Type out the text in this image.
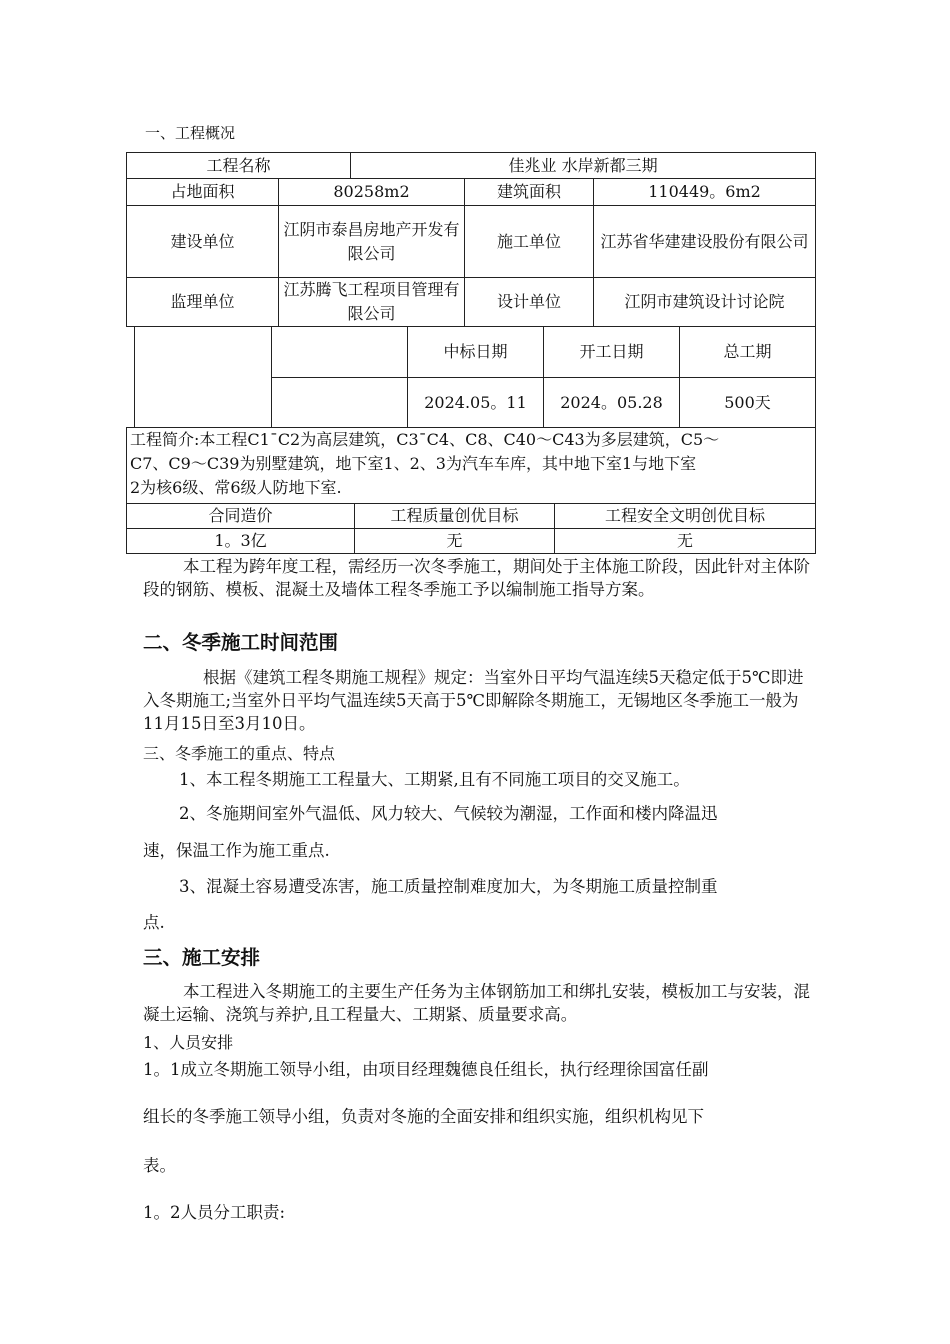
一、工程概况
工程名称		佳兆业 水岸新都三期		
占地面积	80258m2		建筑面积	110449。6m2
建设单位	江阴市泰昌房地产开发有限公司		施工单位	江苏省华建建设股份有限公司
监理单位	江苏腾飞工程项目管理有限公司		设计单位	江阴市建筑设计讨论院
		中标日期	开工日期	总工期
		2024.05。11	2024。05.28	500天
工程简介:本工程C1¯C2为高层建筑，C3¯C4、C8、C40～C43为多层建筑，C5～
C7、C9～C39为别墅建筑，地下室1、2、3为汽车车库，其中地下室1与地下室
2为核6级、常6级人防地下室.		

合同造价	工程质量创优目标	工程安全文明创优目标
1。3亿	无	无
本工程为跨年度工程，需经历一次冬季施工，期间处于主体施工阶段，因此针对主体阶段的钢筋、模板、混凝土及墙体工程冬季施工予以编制施工指导方案。
二、冬季施工时间范围
根据《建筑工程冬期施工规程》规定：当室外日平均气温连续5天稳定低于5℃即进入冬期施工;当室外日平均气温连续5天高于5℃即解除冬期施工，无锡地区冬季施工一般为11月15日至3月10日。
三、冬季施工的重点、特点
1、本工程冬期施工工程量大、工期紧,且有不同施工项目的交叉施工。
2、冬施期间室外气温低、风力较大、气候较为潮湿，工作面和楼内降温迅
速，保温工作为施工重点.
3、混凝土容易遭受冻害，施工质量控制难度加大，为冬期施工质量控制重
点.
三、施工安排
本工程进入冬期施工的主要生产任务为主体钢筋加工和绑扎安装，模板加工与安装，混凝土运输、浇筑与养护,且工程量大、工期紧、质量要求高。
1、人员安排
1。1成立冬期施工领导小组，由项目经理魏德良任组长，执行经理徐国富任副
组长的冬季施工领导小组，负责对冬施的全面安排和组织实施，组织机构见下
表。
1。2人员分工职责:
